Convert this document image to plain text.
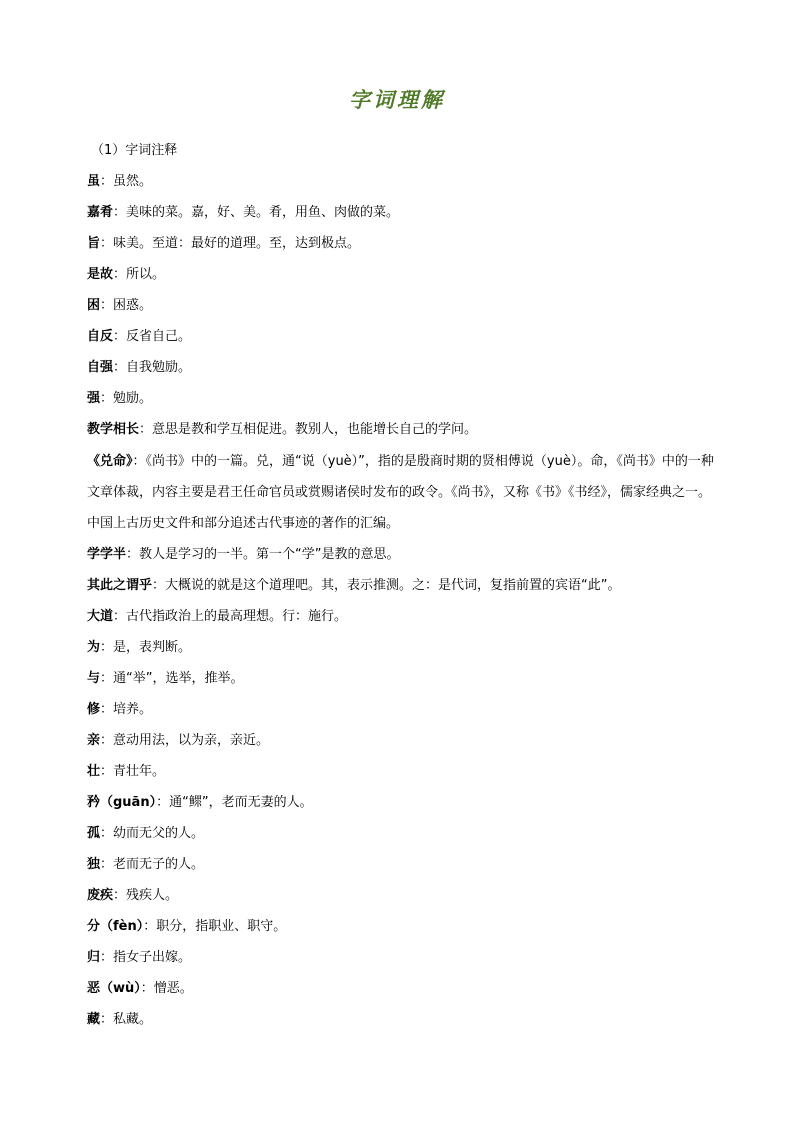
字词理解
（1）字词注释
虽：虽然。
嘉肴：美味的菜。嘉，好、美。肴，用鱼、肉做的菜。
旨：味美。至道：最好的道理。至，达到极点。
是故：所以。
困：困惑。
自反：反省自己。
自强：自我勉励。
强：勉励。
教学相长：意思是教和学互相促进。教别人，也能增长自己的学问。
《兑命》：《尚书》中的一篇。兑，通“说（yuè）”，指的是殷商时期的贤相傅说（yuè）。命，《尚书》中的一种文章体裁，内容主要是君王任命官员或赏赐诸侯时发布的政令。《尚书》，又称《书》《书经》，儒家经典之一。中国上古历史文件和部分追述古代事迹的著作的汇编。
学学半：教人是学习的一半。第一个“学”是教的意思。
其此之谓乎：大概说的就是这个道理吧。其，表示推测。之：是代词，复指前置的宾语“此”。
大道：古代指政治上的最高理想。行：施行。
为：是，表判断。
与：通“举”，选举，推举。
修：培养。
亲：意动用法，以为亲，亲近。
壮：青壮年。
矜（guān）：通“鳏”，老而无妻的人。
孤：幼而无父的人。
独：老而无子的人。
废疾：残疾人。
分（fèn）：职分，指职业、职守。
归：指女子出嫁。
恶（wù）：憎恶。
藏：私藏。
